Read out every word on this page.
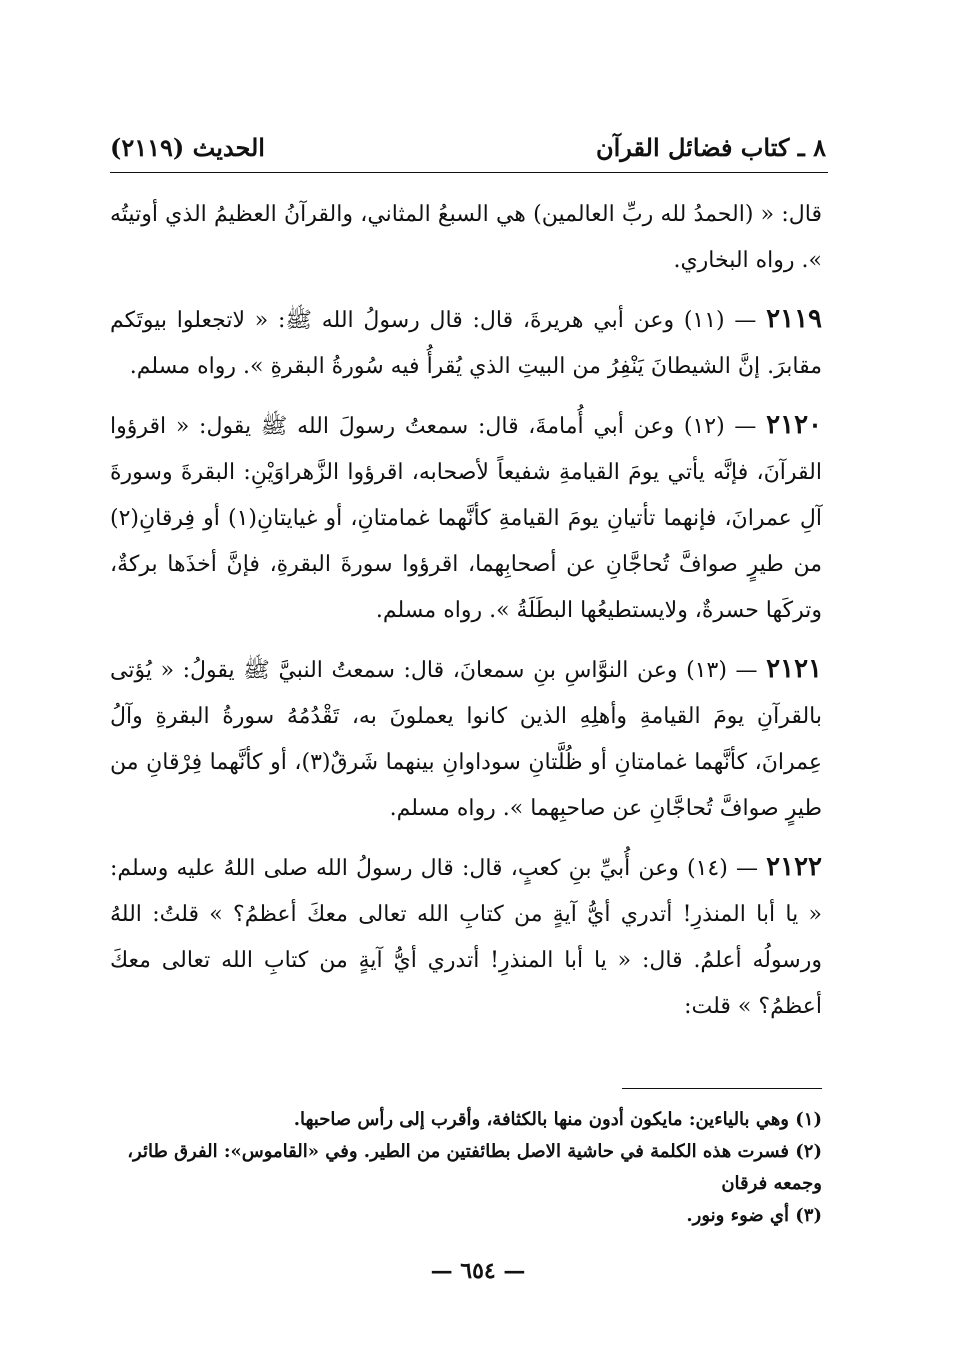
٨ ـ كتاب فضائل القرآن
الحديث (٢١١٩)

قال: « (الحمدُ لله ربِّ العالمين) هي السبعُ المثاني، والقرآنُ العظيمُ الذي أوتيتُه ». رواه البخاري.

٢١١٩ — (١١) وعن أبي هريرةَ، قال: قال رسولُ الله ﷺ: « لاتجعلوا بيوتَكم مقابرَ. إنَّ الشيطانَ يَنْفِرُ من البيتِ الذي يُقرأُ فيه سُورةُ البقرةِ ». رواه مسلم.

٢١٢٠ — (١٢) وعن أبي أُمامةَ، قال: سمعتُ رسولَ الله ﷺ يقول: « اقرؤوا القرآنَ، فإنَّه يأتي يومَ القيامةِ شفيعاً لأصحابه، اقرؤوا الزَّهراوَيْنِ: البقرةَ وسورةَ آلِ عمرانَ، فإنهما تأتيانِ يومَ القيامةِ كأنَّهما غمامتانِ، أو غيايتانِ(١) أو فِرقانِ(٢) من طيرٍ صوافَّ تُحاجَّانِ عن أصحابِهما، اقرؤوا سورةَ البقرةِ، فإنَّ أخذَها بركةٌ، وتركَها حسرةٌ، ولايستطيعُها البطَلَةُ ». رواه مسلم.

٢١٢١ — (١٣) وعن النوَّاسِ بنِ سمعانَ، قال: سمعتُ النبيَّ ﷺ يقولُ: « يُؤتى بالقرآنِ يومَ القيامةِ وأهلِهِ الذين كانوا يعملونَ به، تَقْدُمُهُ سورةُ البقرةِ وآلُ عِمرانَ، كأنَّهما غمامتانِ أو ظُلَّتانِ سوداوانِ بينهما شَرقٌ(٣)، أو كأنَّهما فِرْقانِ من طيرٍ صوافَّ تُحاجَّانِ عن صاحبِهما ». رواه مسلم.

٢١٢٢ — (١٤) وعن أُبيِّ بنِ كعبٍ، قال: قال رسولُ الله صلى اللهُ عليه وسلم: « يا أبا المنذرِ! أتدري أيُّ آيةٍ من كتابِ الله تعالى معكَ أعظمُ؟ » قلتُ: اللهُ ورسولُه أعلمُ. قال: « يا أبا المنذرِ! أتدري أيُّ آيةٍ من كتابِ الله تعالى معكَ أعظمُ؟ » قلت:

(١) وهي بالياءين: مايكون أدون منها بالكثافة، وأقرب إلى رأس صاحبها.

(٢) فسرت هذه الكلمة في حاشية الاصل بطائفتين من الطير. وفي «القاموس»: الفرق طائر، وجمعه فرقان

(٣) أي ضوء ونور.

— ٦٥٤ —
